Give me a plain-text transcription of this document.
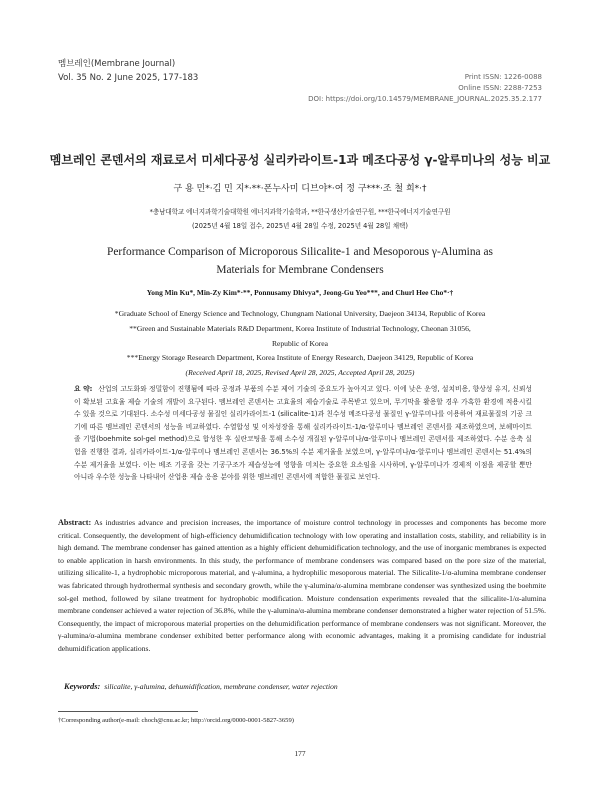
멤브레인(Membrane Journal)
Vol. 35 No. 2 June 2025, 177-183	Print ISSN: 1226-0088
Online ISSN: 2288-7253
DOI: https://doi.org/10.14579/MEMBRANE_JOURNAL.2025.35.2.177
멤브레인 콘덴서의 재료로서 미세다공성 실리카라이트-1과 메조다공성 γ-알루미나의 성능 비교
구 용 민*·김 민 지*·**·폰누사미 디브야*·여 정 구***·조 철 희*·†
*충남대학교 에너지과학기술대학원 에너지과학기술학과, **한국생산기술연구원, ***한국에너지기술연구원
(2025년 4월 18일 접수, 2025년 4월 28일 수정, 2025년 4월 28일 채택)
Performance Comparison of Microporous Silicalite-1 and Mesoporous γ-Alumina as
Materials for Membrane Condensers
Yong Min Ku*, Min-Zy Kim*·**, Ponnusamy Dhivya*, Jeong-Gu Yeo***, and Churl Hee Cho*·†
*Graduate School of Energy Science and Technology, Chungnam National University, Daejeon 34134, Republic of Korea
**Green and Sustainable Materials R&D Department, Korea Institute of Industrial Technology, Cheonan 31056,
Republic of Korea
***Energy Storage Research Department, Korea Institute of Energy Research, Daejeon 34129, Republic of Korea
(Received April 18, 2025, Revised April 28, 2025, Accepted April 28, 2025)
요 약: 산업의 고도화와 정밀함이 진행됨에 따라 공정과 부품의 수분 제어 기술의 중요도가 높아지고 있다. 이에 낮은 운영, 설치비용, 향상성 유지, 신뢰성이 확보된 고효율 제습 기술의 개발이 요구된다. 멤브레인 콘덴서는 고효율의 제습기술로 주목받고 있으며, 무기막을 활용할 경우 가혹한 환경에 적용시킬 수 있을 것으로 기대된다. 소수성 미세다공성 물질인 실리카라이트-1 (silicalite-1)과 친수성 메조다공성 물질인 γ-알루미나를 이용하여 재료물질의 기공 크기에 따른 멤브레인 콘덴서의 성능을 비교하였다. 수열합성 및 이차성장을 통해 실리카라이트-1/α-알루미나 멤브레인 콘덴서를 제조하였으며, 보헤마이트 졸 기법(boehmite sol-gel method)으로 합성한 후 실란코팅을 통해 소수성 개질된 γ-알루미나/α-알루미나 멤브레인 콘덴서를 제조하였다. 수분 응축 실험을 진행한 결과, 실리카라이트-1/α-알루미나 멤브레인 콘덴서는 36.5%의 수분 제거율을 보였으며, γ-알루미나/α-알루미나 멤브레인 콘덴서는 51.4%의 수분 제거율을 보였다. 이는 베조 기공을 갖는 기공구조가 제습성능에 영향을 미치는 중요한 요소임을 시사하며, γ-알루미나가 경제적 이점을 제공할 뿐만 아니라 우수한 성능을 나타내어 산업용 제습 응용 분야를 위한 멤브레인 콘덴서에 적합한 물질로 보인다.
Abstract: As industries advance and precision increases, the importance of moisture control technology in processes and components has become more critical. Consequently, the development of high-efficiency dehumidification technology with low operating and installation costs, stability, and reliability is in high demand. The membrane condenser has gained attention as a highly efficient dehumidification technology, and the use of inorganic membranes is expected to enable application in harsh environments. In this study, the performance of membrane condensers was compared based on the pore size of the material, utilizing silicalite-1, a hydrophobic microporous material, and γ-alumina, a hydrophilic mesoporous material. The Silicalite-1/α-alumina membrane condenser was fabricated through hydrothermal synthesis and secondary growth, while the γ-alumina/α-alumina membrane condenser was synthesized using the boehmite sol-gel method, followed by silane treatment for hydrophobic modification. Moisture condensation experiments revealed that the silicalite-1/α-alumina membrane condenser achieved a water rejection of 36.8%, while the γ-alumina/α-alumina membrane condenser demonstrated a higher water rejection of 51.5%. Consequently, the impact of microporous material properties on the dehumidification performance of membrane condensers was not significant. Moreover, the γ-alumina/α-alumina membrane condenser exhibited better performance along with economic advantages, making it a promising candidate for industrial dehumidification applications.
Keywords: silicalite, γ-alumina, dehumidification, membrane condenser, water rejection
†Corresponding author(e-mail: choch@cnu.ac.kr; http://orcid.org/0000-0001-5827-3659)
177
